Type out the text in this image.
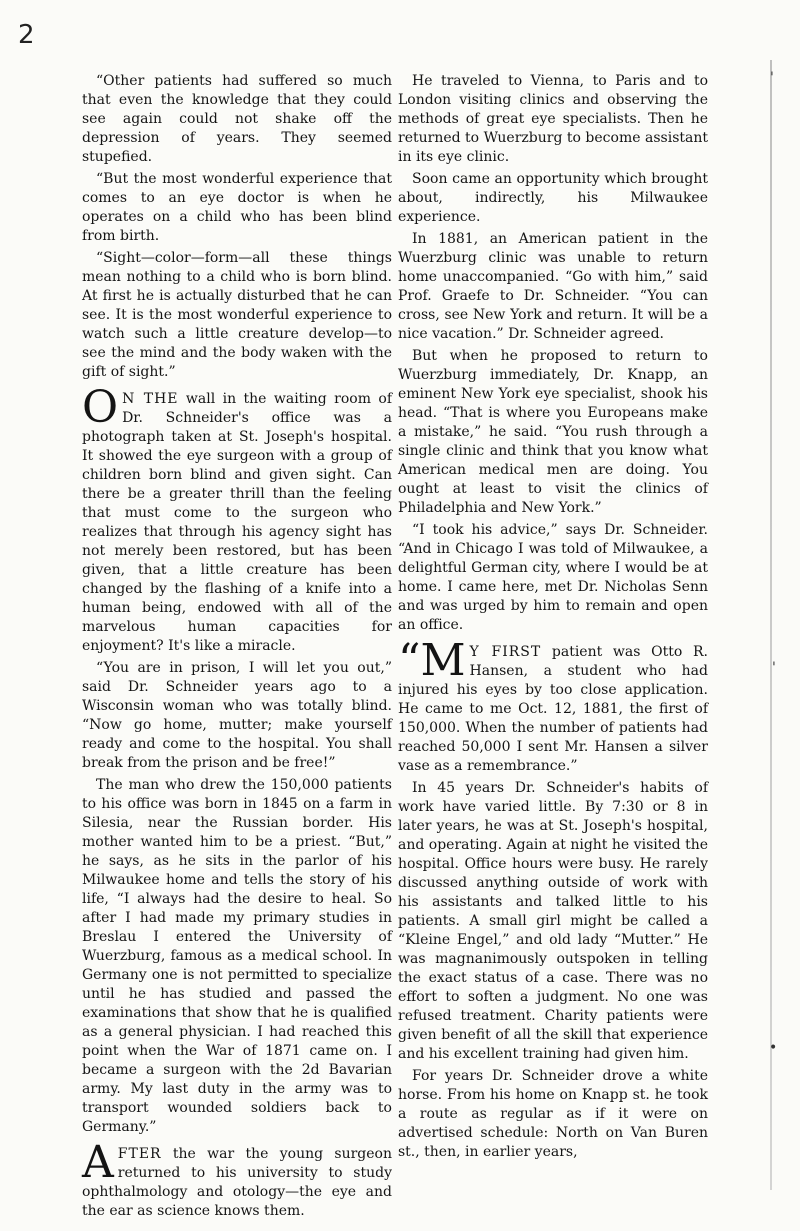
2
'
'
•

“Other patients had suffered so much that even the knowledge that they could see again could not shake off the depression of years. They seemed stupefied.

“But the most wonderful experience that comes to an eye doctor is when he operates on a child who has been blind from birth.

“Sight—color—form—all these things mean nothing to a child who is born blind. At first he is actually disturbed that he can see. It is the most wonderful experience to watch such a little creature develop—to see the mind and the body waken with the gift of sight.”

O N THE wall in the waiting room of Dr. Schneider's office was a photograph taken at St. Joseph's hospital. It showed the eye surgeon with a group of children born blind and given sight. Can there be a greater thrill than the feeling that must come to the surgeon who realizes that through his agency sight has not merely been restored, but has been given, that a little creature has been changed by the flashing of a knife into a human being, endowed with all of the marvelous human capacities for enjoyment? It's like a miracle.

“You are in prison, I will let you out,” said Dr. Schneider years ago to a Wisconsin woman who was totally blind. “Now go home, mutter; make yourself ready and come to the hospital. You shall break from the prison and be free!”

The man who drew the 150,000 patients to his office was born in 1845 on a farm in Silesia, near the Russian border. His mother wanted him to be a priest. “But,” he says, as he sits in the parlor of his Milwaukee home and tells the story of his life, “I always had the desire to heal. So after I had made my primary studies in Breslau I entered the University of Wuerzburg, famous as a medical school. In Germany one is not permitted to specialize until he has studied and passed the examinations that show that he is qualified as a general physician. I had reached this point when the War of 1871 came on. I became a surgeon with the 2d Bavarian army. My last duty in the army was to transport wounded soldiers back to Germany.”

AFTER the war the young surgeon returned to his university to study ophthalmology and otology—the eye and the ear as science knows them.

He traveled to Vienna, to Paris and to London visiting clinics and observing the methods of great eye specialists. Then he returned to Wuerzburg to become assistant in its eye clinic.

Soon came an opportunity which brought about, indirectly, his Milwaukee experience.

In 1881, an American patient in the Wuerzburg clinic was unable to return home unaccompanied. “Go with him,” said Prof. Graefe to Dr. Schneider. “You can cross, see New York and return. It will be a nice vacation.” Dr. Schneider agreed.

But when he proposed to return to Wuerzburg immediately, Dr. Knapp, an eminent New York eye specialist, shook his head. “That is where you Europeans make a mistake,” he said. “You rush through a single clinic and think that you know what American medical men are doing. You ought at least to visit the clinics of Philadelphia and New York.”

“I took his advice,” says Dr. Schneider. “And in Chicago I was told of Milwaukee, a delightful German city, where I would be at home. I came here, met Dr. Nicholas Senn and was urged by him to remain and open an office.

“M Y FIRST patient was Otto R. Hansen, a student who had injured his eyes by too close application. He came to me Oct. 12, 1881, the first of 150,000. When the number of patients had reached 50,000 I sent Mr. Hansen a silver vase as a remembrance.”

In 45 years Dr. Schneider's habits of work have varied little. By 7:30 or 8 in later years, he was at St. Joseph's hospital, and operating. Again at night he visited the hospital. Office hours were busy. He rarely discussed anything outside of work with his assistants and talked little to his patients. A small girl might be called a “Kleine Engel,” and old lady “Mutter.” He was magnanimously outspoken in telling the exact status of a case. There was no effort to soften a judgment. No one was refused treatment. Charity patients were given benefit of all the skill that experience and his excellent training had given him.

For years Dr. Schneider drove a white horse. From his home on Knapp st. he took a route as regular as if it were on advertised schedule: North on Van Buren st., then, in earlier years,
